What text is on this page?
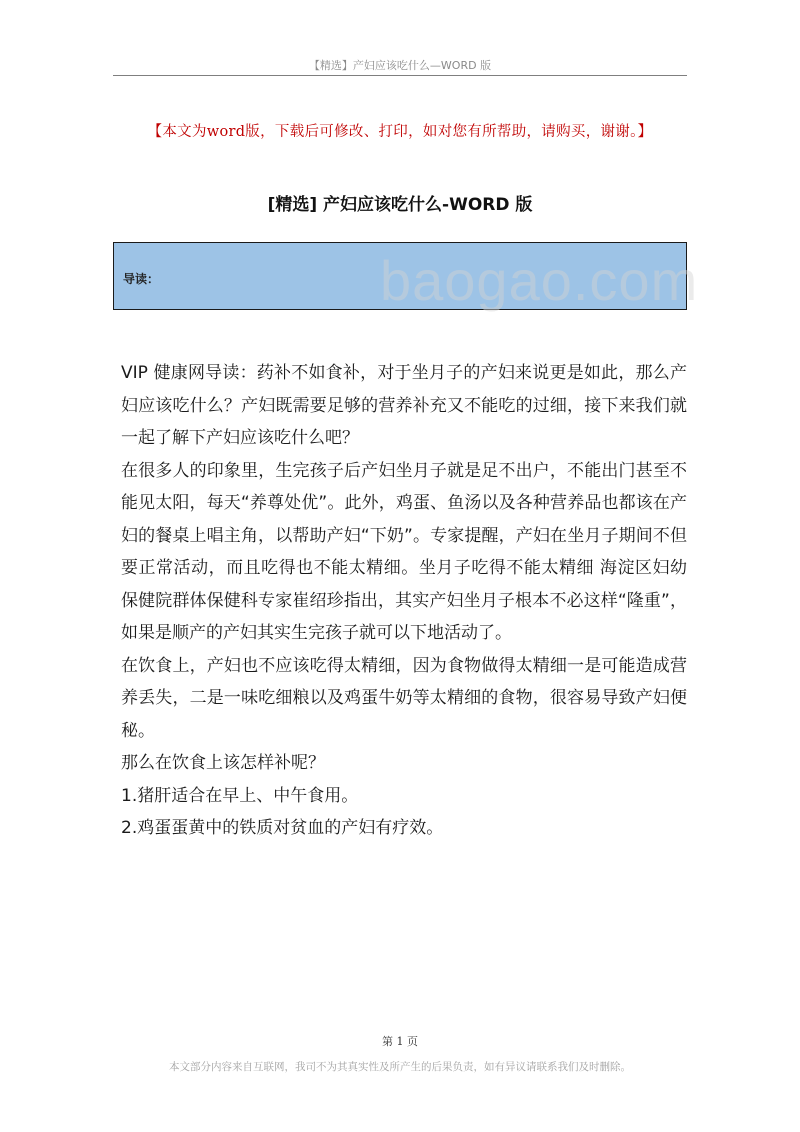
【精选】产妇应该吃什么—WORD 版
【本文为word版，下载后可修改、打印，如对您有所帮助，请购买，谢谢。】
[精选] 产妇应该吃什么-WORD 版
导读：	baogao.com

VIP 健康网导读：药补不如食补，对于坐月子的产妇来说更是如此，那么产妇应该吃什么？产妇既需要足够的营养补充又不能吃的过细，接下来我们就一起了解下产妇应该吃什么吧？

在很多人的印象里，生完孩子后产妇坐月子就是足不出户，不能出门甚至不能见太阳，每天“养尊处优”。此外，鸡蛋、鱼汤以及各种营养品也都该在产妇的餐桌上唱主角，以帮助产妇“下奶”。专家提醒，产妇在坐月子期间不但要正常活动，而且吃得也不能太精细。坐月子吃得不能太精细 海淀区妇幼保健院群体保健科专家崔绍珍指出，其实产妇坐月子根本不必这样“隆重”，如果是顺产的产妇其实生完孩子就可以下地活动了。

在饮食上，产妇也不应该吃得太精细，因为食物做得太精细一是可能造成营养丢失，二是一味吃细粮以及鸡蛋牛奶等太精细的食物，很容易导致产妇便秘。

那么在饮食上该怎样补呢？

1.猪肝适合在早上、中午食用。

2.鸡蛋蛋黄中的铁质对贫血的产妇有疗效。

第 1 页
本文部分内容来自互联网，我司不为其真实性及所产生的后果负责，如有异议请联系我们及时删除。
